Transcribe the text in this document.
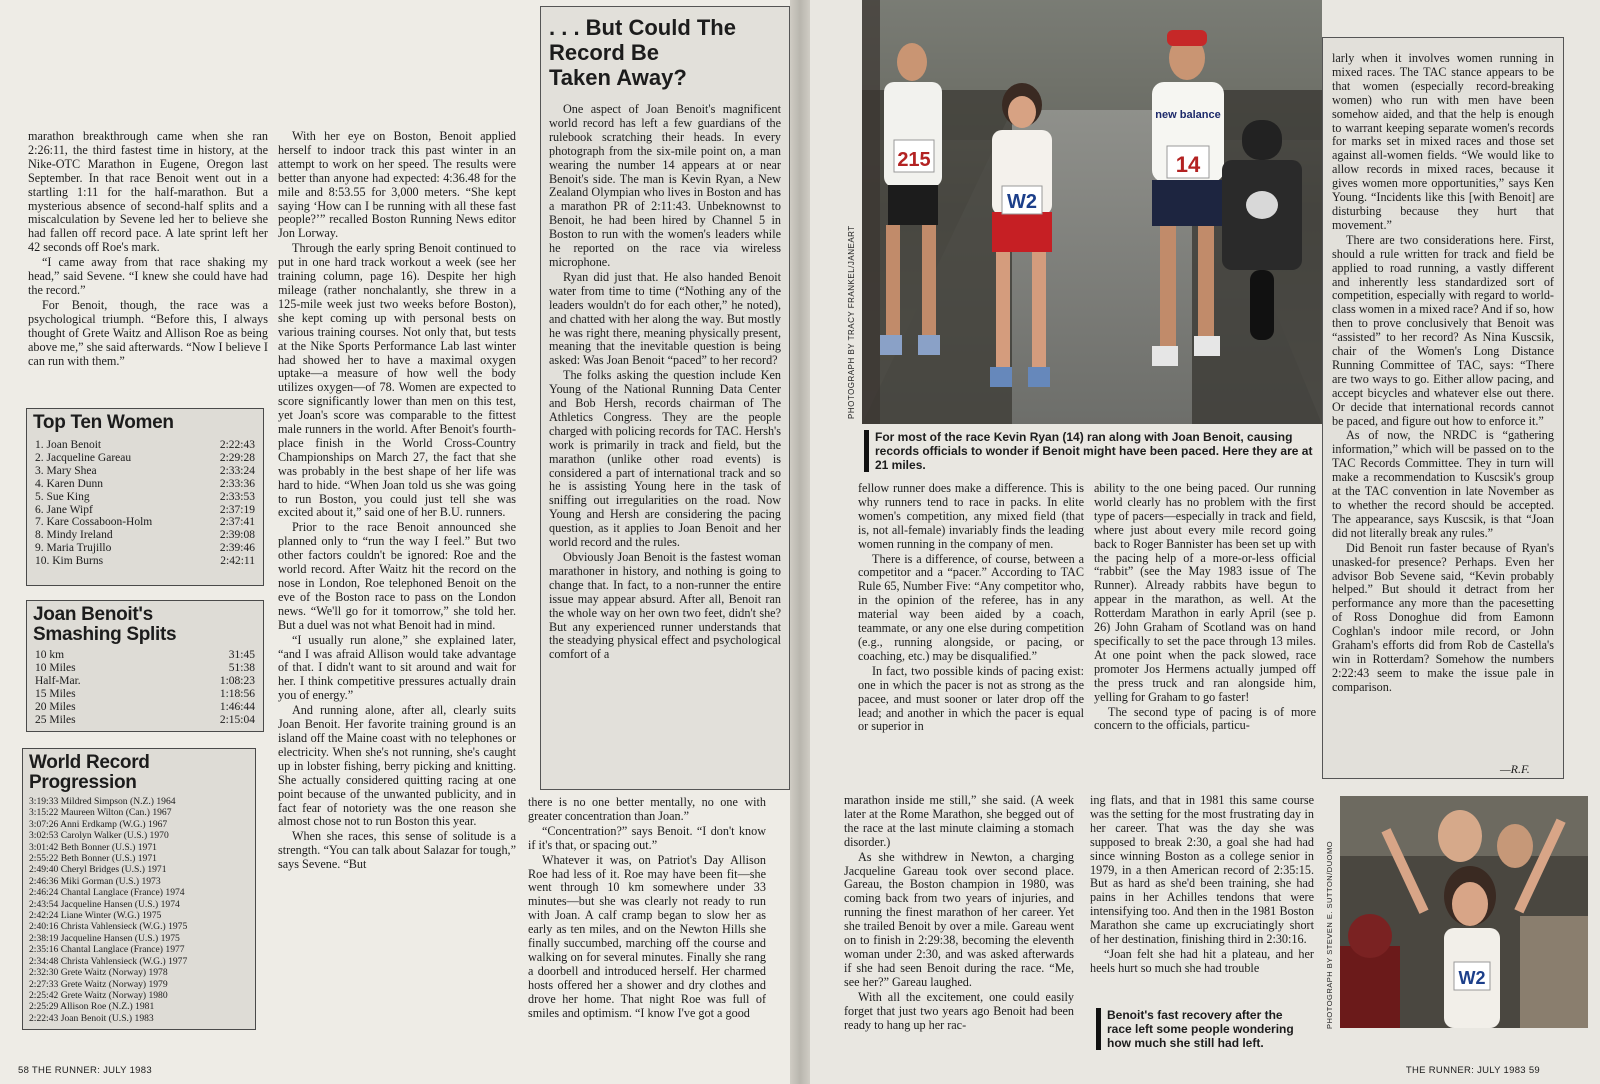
marathon breakthrough came when she ran 2:26:11, the third fastest time in history, at the Nike-OTC Marathon in Eugene, Oregon last September. In that race Benoit went out in a startling 1:11 for the half-marathon. But a mysterious absence of second-half splits and a miscalculation by Sevene led her to believe she had fallen off record pace. A late sprint left her 42 seconds off Roe's mark.

“I came away from that race shaking my head,” said Sevene. “I knew she could have had the record.”

For Benoit, though, the race was a psychological triumph. “Before this, I always thought of Grete Waitz and Allison Roe as being above me,” she said afterwards. “Now I believe I can run with them.”

Top Ten Women
1. Joan Benoit	2:22:43
2. Jacqueline Gareau	2:29:28
3. Mary Shea	2:33:24
4. Karen Dunn	2:33:36
5. Sue King	2:33:53
6. Jane Wipf	2:37:19
7. Kare Cossaboon-Holm	2:37:41
8. Mindy Ireland	2:39:08
9. Maria Trujillo	2:39:46
10. Kim Burns	2:42:11
Joan Benoit's
Smashing Splits
10 km	31:45
10 Miles	51:38
Half-Mar.	1:08:23
15 Miles	1:18:56
20 Miles	1:46:44
25 Miles	2:15:04
World Record
Progression
3:19:33 Mildred Simpson (N.Z.) 1964
3:15:22 Maureen Wilton (Can.) 1967
3:07:26 Anni Erdkamp (W.G.) 1967
3:02:53 Carolyn Walker (U.S.) 1970
3:01:42 Beth Bonner (U.S.) 1971
2:55:22 Beth Bonner (U.S.) 1971
2:49:40 Cheryl Bridges (U.S.) 1971
2:46:36 Miki Gorman (U.S.) 1973
2:46:24 Chantal Langlace (France) 1974
2:43:54 Jacqueline Hansen (U.S.) 1974
2:42:24 Liane Winter (W.G.) 1975
2:40:16 Christa Vahlensieck (W.G.) 1975
2:38:19 Jacqueline Hansen (U.S.) 1975
2:35:16 Chantal Langlace (France) 1977
2:34:48 Christa Vahlensieck (W.G.) 1977
2:32:30 Grete Waitz (Norway) 1978
2:27:33 Grete Waitz (Norway) 1979
2:25:42 Grete Waitz (Norway) 1980
2:25:29 Allison Roe (N.Z.) 1981
2:22:43 Joan Benoit (U.S.) 1983

With her eye on Boston, Benoit applied herself to indoor track this past winter in an attempt to work on her speed. The results were better than anyone had expected: 4:36.48 for the mile and 8:53.55 for 3,000 meters. “She kept saying ‘How can I be running with all these fast people?’” recalled Boston Running News editor Jon Lorway.

Through the early spring Benoit continued to put in one hard track workout a week (see her training column, page 16). Despite her high mileage (rather nonchalantly, she threw in a 125-mile week just two weeks before Boston), she kept coming up with personal bests on various training courses. Not only that, but tests at the Nike Sports Performance Lab last winter had showed her to have a maximal oxygen uptake—a measure of how well the body utilizes oxygen—of 78. Women are expected to score significantly lower than men on this test, yet Joan's score was comparable to the fittest male runners in the world. After Benoit's fourth-place finish in the World Cross-Country Championships on March 27, the fact that she was probably in the best shape of her life was hard to hide. “When Joan told us she was going to run Boston, you could just tell she was excited about it,” said one of her B.U. runners.

Prior to the race Benoit announced she planned only to “run the way I feel.” But two other factors couldn't be ignored: Roe and the world record. After Waitz hit the record on the nose in London, Roe telephoned Benoit on the eve of the Boston race to pass on the London news. “We'll go for it tomorrow,” she told her. But a duel was not what Benoit had in mind.

“I usually run alone,” she explained later, “and I was afraid Allison would take advantage of that. I didn't want to sit around and wait for her. I think competitive pressures actually drain you of energy.”

And running alone, after all, clearly suits Joan Benoit. Her favorite training ground is an island off the Maine coast with no telephones or electricity. When she's not running, she's caught up in lobster fishing, berry picking and knitting. She actually considered quitting racing at one point because of the unwanted publicity, and in fact fear of notoriety was the one reason she almost chose not to run Boston this year.

When she races, this sense of solitude is a strength. “You can talk about Salazar for tough,” says Sevene. “But

. . . But Could The
Record Be
Taken Away?

One aspect of Joan Benoit's magnificent world record has left a few guardians of the rulebook scratching their heads. In every photograph from the six-mile point on, a man wearing the number 14 appears at or near Benoit's side. The man is Kevin Ryan, a New Zealand Olympian who lives in Boston and has a marathon PR of 2:11:43. Unbeknownst to Benoit, he had been hired by Channel 5 in Boston to run with the women's leaders while he reported on the race via wireless microphone.

Ryan did just that. He also handed Benoit water from time to time (“Nothing any of the leaders wouldn't do for each other,” he noted), and chatted with her along the way. But mostly he was right there, meaning physically present, meaning that the inevitable question is being asked: Was Joan Benoit “paced” to her record?

The folks asking the question include Ken Young of the National Running Data Center and Bob Hersh, records chairman of The Athletics Congress. They are the people charged with policing records for TAC. Hersh's work is primarily in track and field, but the marathon (unlike other road events) is considered a part of international track and so he is assisting Young here in the task of sniffing out irregularities on the road. Now Young and Hersh are considering the pacing question, as it applies to Joan Benoit and her world record and the rules.

Obviously Joan Benoit is the fastest woman marathoner in history, and nothing is going to change that. In fact, to a non-runner the entire issue may appear absurd. After all, Benoit ran the whole way on her own two feet, didn't she? But any experienced runner understands that the steadying physical effect and psychological comfort of a

there is no one better mentally, no one with greater concentration than Joan.”

“Concentration?” says Benoit. “I don't know if it's that, or spacing out.”

Whatever it was, on Patriot's Day Allison Roe had less of it. Roe may have been fit—she went through 10 km somewhere under 33 minutes—but she was clearly not ready to run with Joan. A calf cramp began to slow her as early as ten miles, and on the Newton Hills she finally succumbed, marching off the course and walking on for several minutes. Finally she rang a doorbell and introduced herself. Her charmed hosts offered her a shower and dry clothes and drove her home. That night Roe was full of smiles and optimism. “I know I've got a good

215
W2
new balance
14
PHOTOGRAPH BY TRACY FRANKEL/JANEART
For most of the race Kevin Ryan (14) ran along with Joan Benoit, causing records officials to wonder if Benoit might have been paced. Here they are at 21 miles.

fellow runner does make a difference. This is why runners tend to race in packs. In elite women's competition, any mixed field (that is, not all-female) invariably finds the leading women running in the company of men.

There is a difference, of course, between a competitor and a “pacer.” According to TAC Rule 65, Number Five: “Any competitor who, in the opinion of the referee, has in any material way been aided by a coach, teammate, or any one else during competition (e.g., running alongside, or pacing, or coaching, etc.) may be disqualified.”

In fact, two possible kinds of pacing exist: one in which the pacer is not as strong as the pacee, and must sooner or later drop off the lead; and another in which the pacer is equal or superior in

ability to the one being paced. Our running world clearly has no problem with the first type of pacers—especially in track and field, where just about every mile record going back to Roger Bannister has been set up with the pacing help of a more-or-less official “rabbit” (see the May 1983 issue of The Runner). Already rabbits have begun to appear in the marathon, as well. At the Rotterdam Marathon in early April (see p. 26) John Graham of Scotland was on hand specifically to set the pace through 13 miles. At one point when the pack slowed, race promoter Jos Hermens actually jumped off the press truck and ran alongside him, yelling for Graham to go faster!

The second type of pacing is of more concern to the officials, particu-

larly when it involves women running in mixed races. The TAC stance appears to be that women (especially record-breaking women) who run with men have been somehow aided, and that the help is enough to warrant keeping separate women's records for marks set in mixed races and those set against all-women fields. “We would like to allow records in mixed races, because it gives women more opportunities,” says Ken Young. “Incidents like this [with Benoit] are disturbing because they hurt that movement.”

There are two considerations here. First, should a rule written for track and field be applied to road running, a vastly different and inherently less standardized sort of competition, especially with regard to world-class women in a mixed race? And if so, how then to prove conclusively that Benoit was “assisted” to her record? As Nina Kuscsik, chair of the Women's Long Distance Running Committee of TAC, says: “There are two ways to go. Either allow pacing, and accept bicycles and whatever else out there. Or decide that international records cannot be paced, and figure out how to enforce it.”

As of now, the NRDC is “gathering information,” which will be passed on to the TAC Records Committee. They in turn will make a recommendation to Kuscsik's group at the TAC convention in late November as to whether the record should be accepted. The appearance, says Kuscsik, is that “Joan did not literally break any rules.”

Did Benoit run faster because of Ryan's unasked-for presence? Perhaps. Even her advisor Bob Sevene said, “Kevin probably helped.” But should it detract from her performance any more than the pacesetting of Ross Donoghue did from Eamonn Coghlan's indoor mile record, or John Graham's efforts did from Rob de Castella's win in Rotterdam? Somehow the numbers 2:22:43 seem to make the issue pale in comparison.

—R.F.

marathon inside me still,” she said. (A week later at the Rome Marathon, she begged out of the race at the last minute claiming a stomach disorder.)

As she withdrew in Newton, a charging Jacqueline Gareau took over second place. Gareau, the Boston champion in 1980, was coming back from two years of injuries, and running the finest marathon of her career. Yet she trailed Benoit by over a mile. Gareau went on to finish in 2:29:38, becoming the eleventh woman under 2:30, and was asked afterwards if she had seen Benoit during the race. “Me, see her?” Gareau laughed.

With all the excitement, one could easily forget that just two years ago Benoit had been ready to hang up her rac-

ing flats, and that in 1981 this same course was the setting for the most frustrating day in her career. That was the day she was supposed to break 2:30, a goal she had had since winning Boston as a college senior in 1979, in a then American record of 2:35:15. But as hard as she'd been training, she had pains in her Achilles tendons that were intensifying too. And then in the 1981 Boston Marathon she came up excruciatingly short of her destination, finishing third in 2:30:16.

“Joan felt she had hit a plateau, and her heels hurt so much she had trouble

Benoit's fast recovery after the race left some people wondering how much she still had left.
W2
PHOTOGRAPH BY STEVEN E. SUTTON/DUOMO
58 THE RUNNER: JULY 1983	THE RUNNER: JULY 1983 59
